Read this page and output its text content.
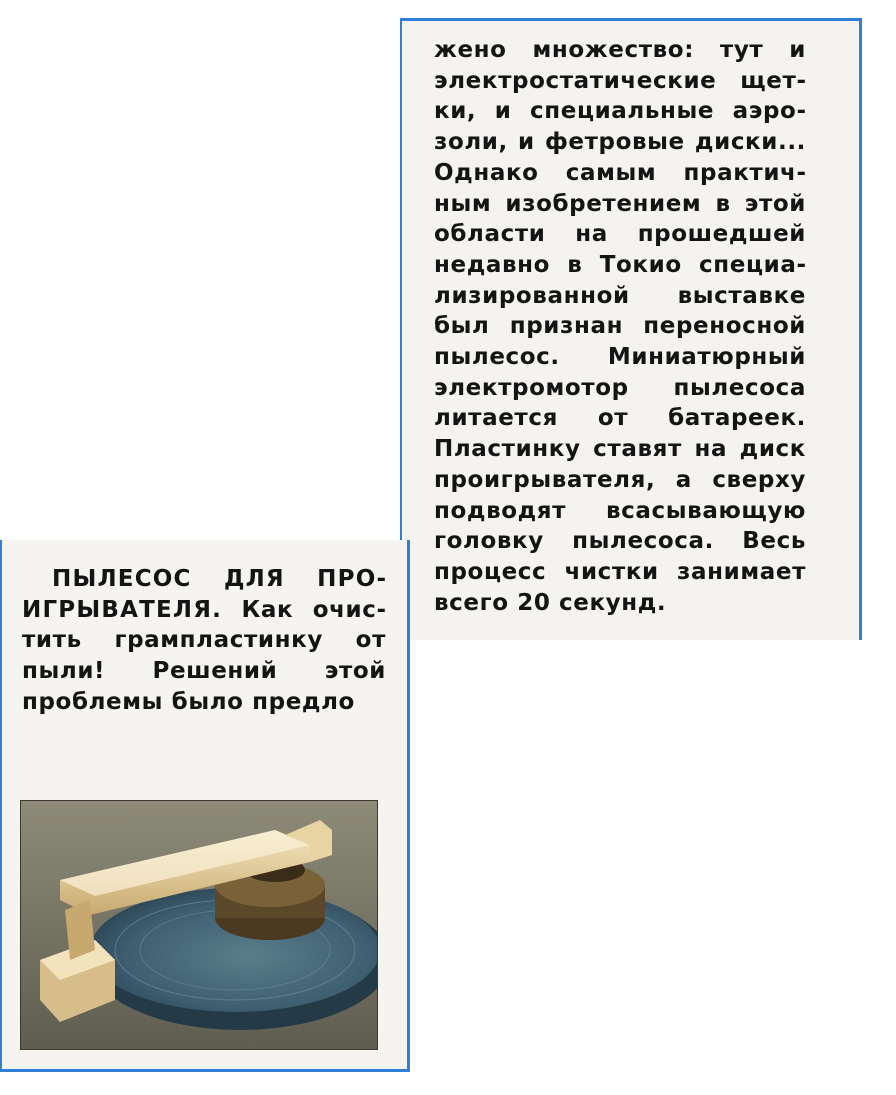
жено множество: тут и электростатические щетки, и специальные аэрозоли, и фетровые диски... Однако самым практичным изобретением в этой области на прошедшей недавно в Токио специализированной выставке был признан переносной пылесос. Миниатюрный электромотор пылесоса литается от батареек. Пластинку ставят на диск проигрывателя, а сверху подводят всасывающую головку пылесоса. Весь процесс чистки занимает всего 20 секунд.
ПЫЛЕСОС ДЛЯ ПРОИГРЫВАТЕЛЯ. Как очистить грампластинку от пыли! Решений этой проблемы было предло
